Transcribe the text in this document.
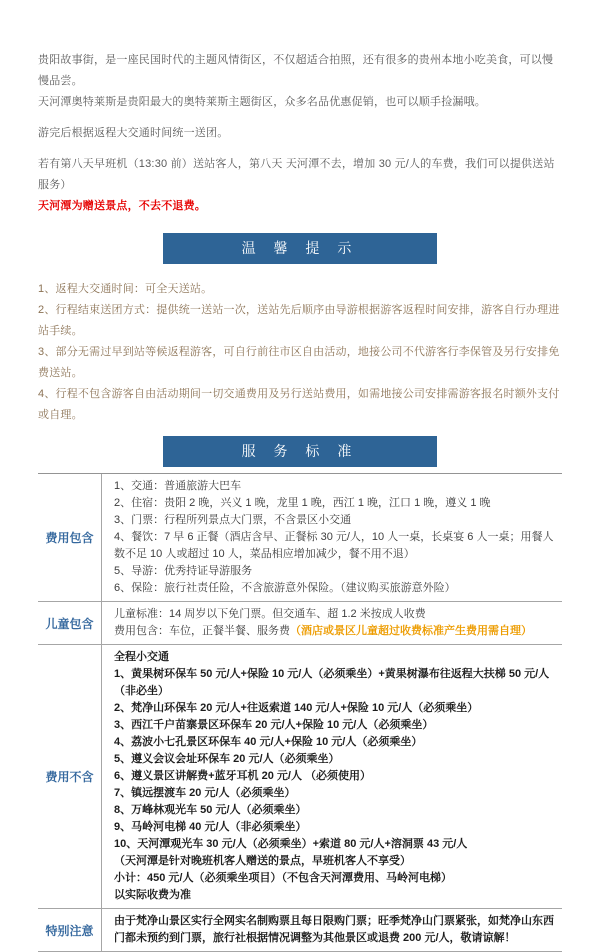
贵阳故事街，是一座民国时代的主题风情街区，不仅超适合拍照，还有很多的贵州本地小吃美食，可以慢慢品尝。
天河潭奥特莱斯是贵阳最大的奥特莱斯主题街区，众多名品优惠促销，也可以顺手捡漏哦。
游完后根据返程大交通时间统一送团。
若有第八天早班机（13:30 前）送站客人，第八天 天河潭不去，增加 30 元/人的车费，我们可以提供送站服务）
天河潭为赠送景点，不去不退费。
温 馨 提 示
1、返程大交通时间：可全天送站。
2、行程结束送团方式：提供统一送站一次，送站先后顺序由导游根据游客返程时间安排，游客自行办理进站手续。
3、部分无需过早到站等候返程游客，可自行前往市区自由活动，地接公司不代游客行李保管及另行安排免费送站。
4、行程不包含游客自由活动期间一切交通费用及另行送站费用，如需地接公司安排需游客报名时额外支付或自理。
服 务 标 准
费用包含
1、交通：普通旅游大巴车
2、住宿：贵阳 2 晚，兴义 1 晚，龙里 1 晚，西江 1 晚，江口 1 晚，遵义 1 晚
3、门票：行程所列景点大门票，不含景区小交通
4、餐饮：7 早 6 正餐（酒店含早、正餐标 30 元/人，10 人一桌，长桌宴 6 人一桌；用餐人数不足 10 人或超过 10 人，菜品相应增加减少，餐不用不退）
5、导游：优秀持证导游服务
6、保险：旅行社责任险，不含旅游意外保险。（建议购买旅游意外险）
儿童包含
儿童标准：14 周岁以下免门票。但交通车、超 1.2 米按成人收费
费用包含：车位，正餐半餐、服务费（酒店或景区儿童超过收费标准产生费用需自理）
费用不含
全程小交通
1、黄果树环保车 50 元/人+保险 10 元/人（必须乘坐）+黄果树瀑布往返程大扶梯 50 元/人（非必坐）
2、梵净山环保车 20 元/人+往返索道 140 元/人+保险 10 元/人（必须乘坐）
3、西江千户苗寨景区环保车 20 元/人+保险 10 元/人（必须乘坐）
4、荔波小七孔景区环保车 40 元/人+保险 10 元/人（必须乘坐）
5、遵义会议会址环保车 20 元/人（必须乘坐）
6、遵义景区讲解费+蓝牙耳机 20 元/人 （必须使用）
7、镇远摆渡车 20 元/人（必须乘坐）
8、万峰林观光车 50 元/人（必须乘坐）
9、马岭河电梯 40 元/人（非必须乘坐）
10、天河潭观光车 30 元/人（必须乘坐）+索道 80 元/人+溶洞票 43 元/人
（天河潭是针对晚班机客人赠送的景点，早班机客人不享受）
小计：450 元/人（必须乘坐项目）（不包含天河潭费用、马岭河电梯）
以实际收费为准
特别注意
由于梵净山景区实行全网实名制购票且每日限购门票；旺季梵净山门票紧张，如梵净山东西门都未预约到门票，旅行社根据情况调整为其他景区或退费 200 元/人，敬请谅解！
